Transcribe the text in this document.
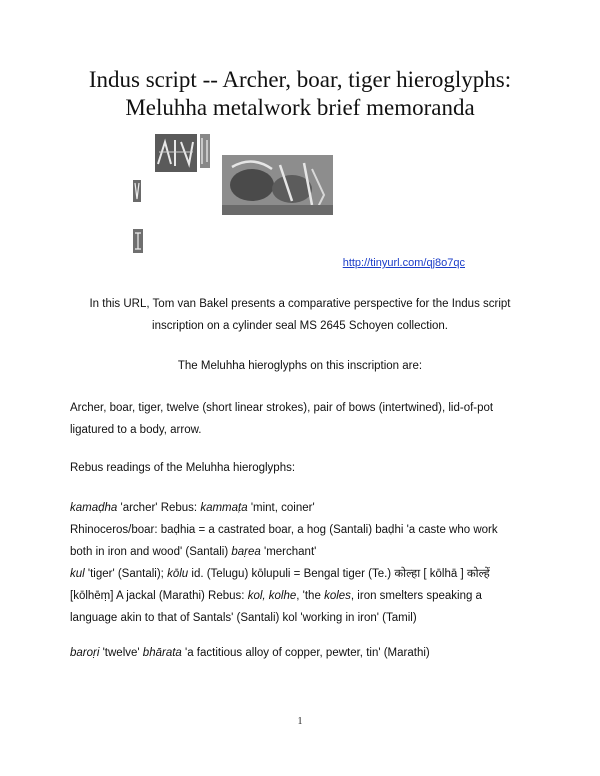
Indus script -- Archer, boar, tiger hieroglyphs:
Meluhha metalwork brief memoranda
http://tinyurl.com/qj8o7qc
In this URL, Tom van Bakel presents a comparative perspective for the Indus script
inscription on a cylinder seal MS 2645 Schoyen collection.
The Meluhha hieroglyphs on this inscription are:
Archer, boar, tiger, twelve (short linear strokes), pair of bows (intertwined), lid-of-pot
ligatured to a body, arrow.
Rebus readings of the Meluhha hieroglyphs:
kamaḍha 'archer' Rebus: kammaṭa 'mint, coiner'
Rhinoceros/boar: baḍhia = a castrated boar, a hog (Santali) baḍhi 'a caste who work
both in iron and wood' (Santali) baṛea 'merchant'
kul 'tiger' (Santali); kōlu id. (Telugu) kōlupuli = Bengal tiger (Te.) कोल्हा [ kōlhā ] कोल्हें
[kōlhēṃ] A jackal (Marathi) Rebus: kol, kolhe, 'the koles, iron smelters speaking a
language akin to that of Santals' (Santali) kol 'working in iron' (Tamil)
baroṛi 'twelve' bhārata 'a factitious alloy of copper, pewter, tin' (Marathi)
1
